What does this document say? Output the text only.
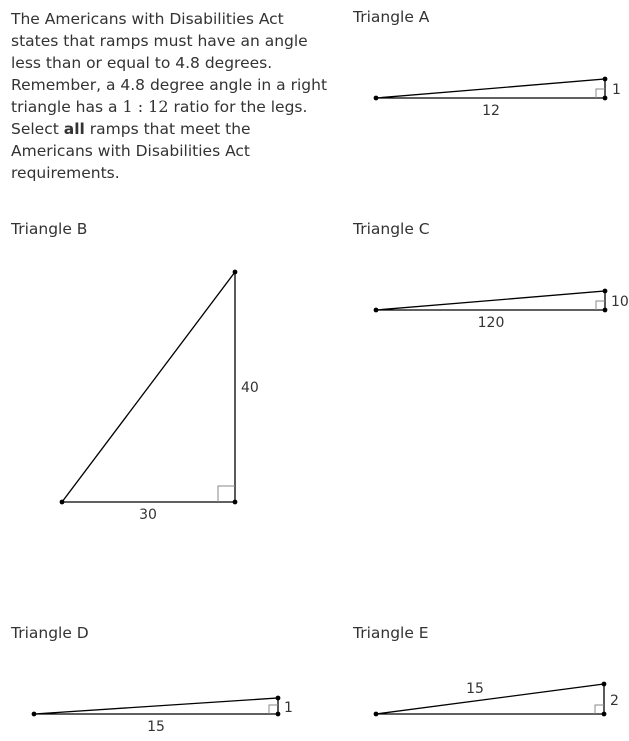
The Americans with Disabilities Act states that ramps must have an angle less than or equal to 4.8 degrees. Remember, a 4.8 degree angle in a right triangle has a 1 : 12 ratio for the legs. Select all ramps that meet the Americans with Disabilities Act requirements.
Triangle A
Triangle B	Triangle C
Triangle D	Triangle E
12
1
30
40
120
10
15
1
15
2
